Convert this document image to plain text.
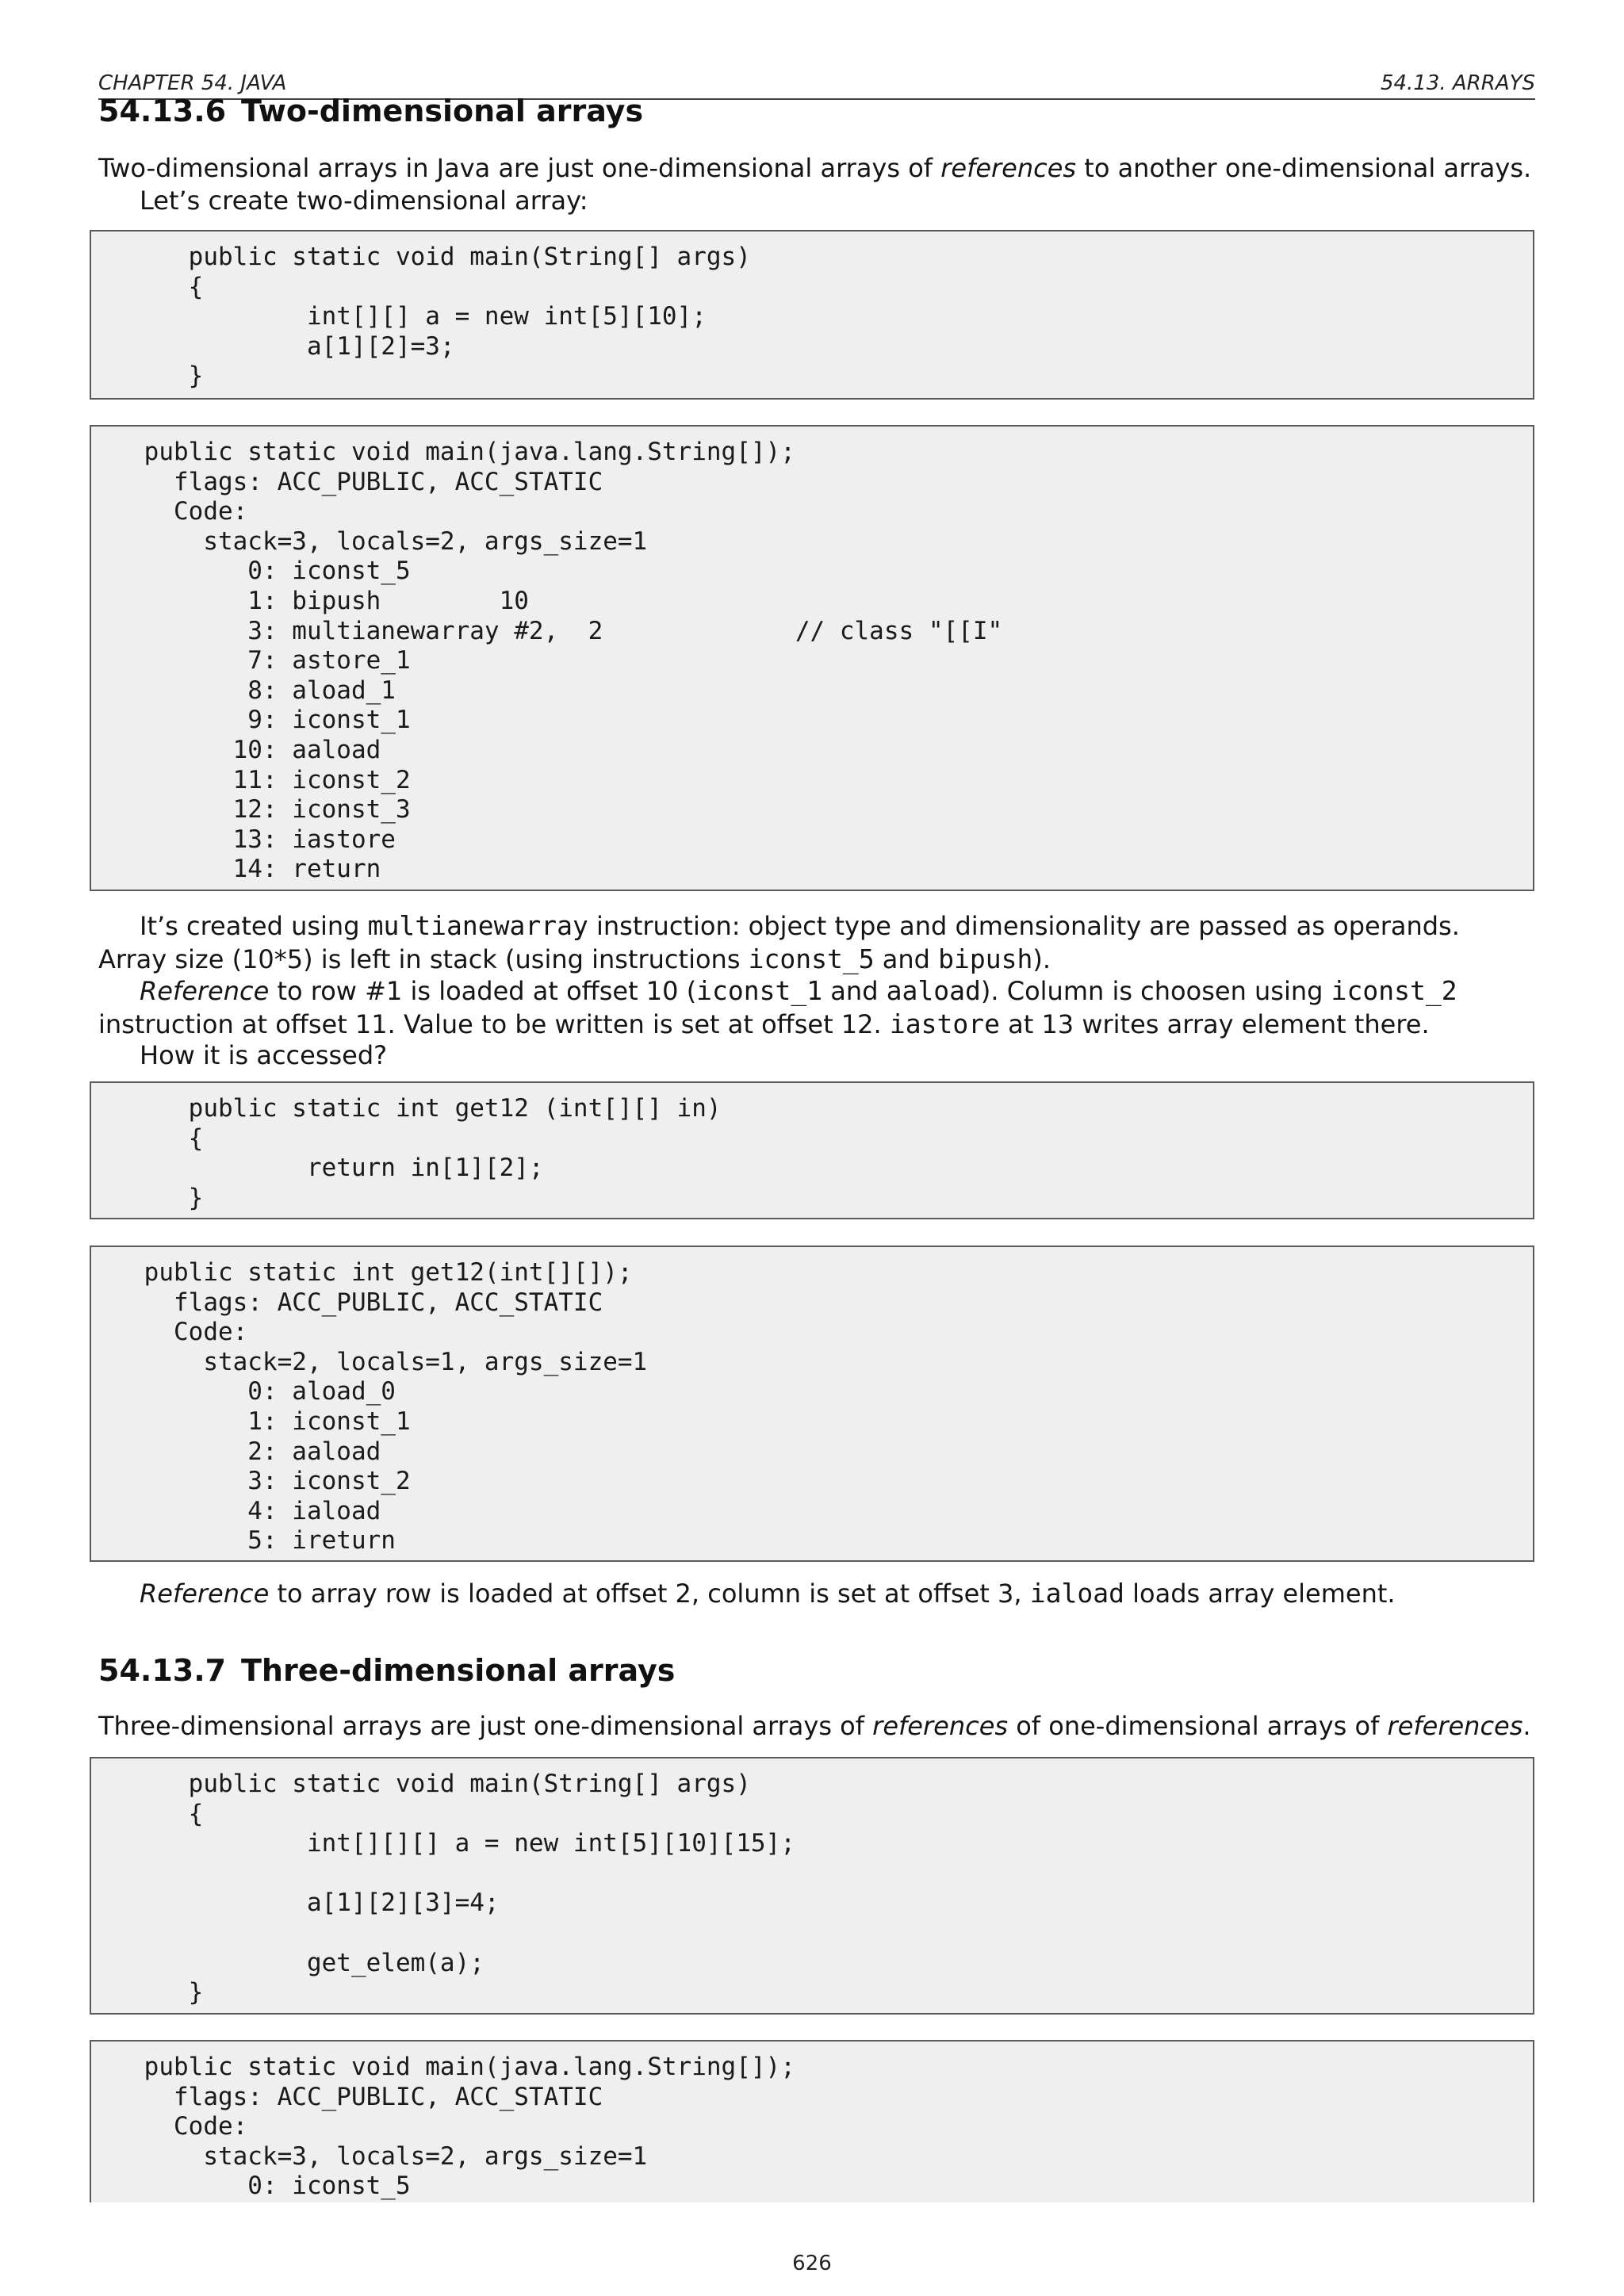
CHAPTER 54. JAVA	54.13. ARRAYS
54.13.6 Two-dimensional arrays
Two-dimensional arrays in Java are just one-dimensional arrays of references to another one-dimensional arrays.
Let’s create two-dimensional array:
public static void main(String[] args)
{
int[][] a = new int[5][10];
a[1][2]=3;
}
public static void main(java.lang.String[]);
flags: ACC_PUBLIC, ACC_STATIC
Code:
stack=3, locals=2, args_size=1
0: iconst_5
1: bipush        10
3: multianewarray #2,  2             // class "[[I"
7: astore_1
8: aload_1
9: iconst_1
10: aaload
11: iconst_2
12: iconst_3
13: iastore
14: return
It’s created using multianewarray instruction: object type and dimensionality are passed as operands. Array size (10*5) is left in stack (using instructions iconst_5 and bipush).
Reference to row #1 is loaded at offset 10 (iconst_1 and aaload). Column is choosen using iconst_2 instruction at offset 11. Value to be written is set at offset 12. iastore at 13 writes array element there.
How it is accessed?
public static int get12 (int[][] in)
{
return in[1][2];
}
public static int get12(int[][]);
flags: ACC_PUBLIC, ACC_STATIC
Code:
stack=2, locals=1, args_size=1
0: aload_0
1: iconst_1
2: aaload
3: iconst_2
4: iaload
5: ireturn
Reference to array row is loaded at offset 2, column is set at offset 3, iaload loads array element.
54.13.7 Three-dimensional arrays
Three-dimensional arrays are just one-dimensional arrays of references of one-dimensional arrays of references.
public static void main(String[] args)
{
int[][][] a = new int[5][10][15];
a[1][2][3]=4;
get_elem(a);
}
public static void main(java.lang.String[]);
flags: ACC_PUBLIC, ACC_STATIC
Code:
stack=3, locals=2, args_size=1
0: iconst_5
626
